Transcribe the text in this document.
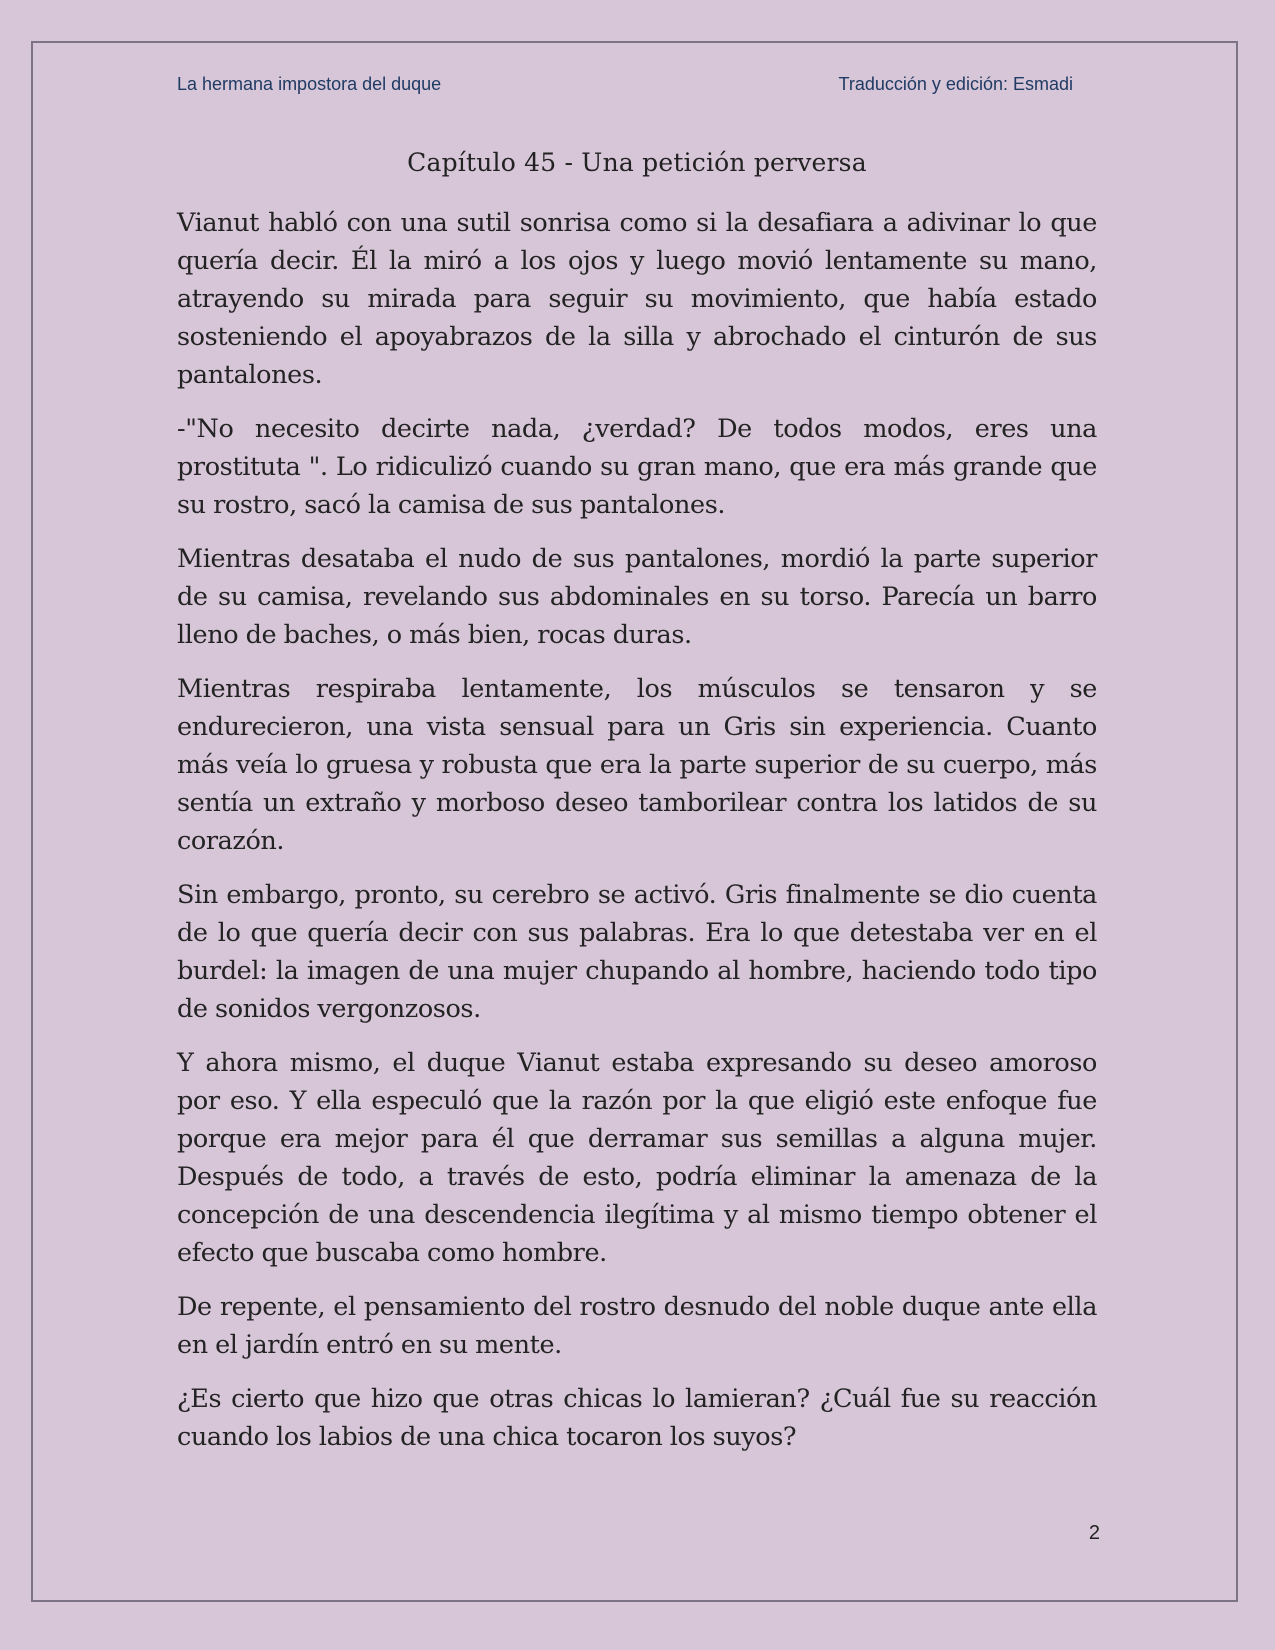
La hermana impostora del duque	Traducción y edición: Esmadi
Capítulo 45 - Una petición perversa

Vianut habló con una sutil sonrisa como si la desafiara a adivinar lo que quería decir. Él la miró a los ojos y luego movió lentamente su mano, atrayendo su mirada para seguir su movimiento, que había estado sosteniendo el apoyabrazos de la silla y abrochado el cinturón de sus pantalones.

-"No necesito decirte nada, ¿verdad? De todos modos, eres una prostituta ". Lo ridiculizó cuando su gran mano, que era más grande que su rostro, sacó la camisa de sus pantalones.

Mientras desataba el nudo de sus pantalones, mordió la parte superior de su camisa, revelando sus abdominales en su torso. Parecía un barro lleno de baches, o más bien, rocas duras.

Mientras respiraba lentamente, los músculos se tensaron y se endurecieron, una vista sensual para un Gris sin experiencia. Cuanto más veía lo gruesa y robusta que era la parte superior de su cuerpo, más sentía un extraño y morboso deseo tamborilear contra los latidos de su corazón.

Sin embargo, pronto, su cerebro se activó. Gris finalmente se dio cuenta de lo que quería decir con sus palabras. Era lo que detestaba ver en el burdel: la imagen de una mujer chupando al hombre, haciendo todo tipo de sonidos vergonzosos.

Y ahora mismo, el duque Vianut estaba expresando su deseo amoroso por eso. Y ella especuló que la razón por la que eligió este enfoque fue porque era mejor para él que derramar sus semillas a alguna mujer. Después de todo, a través de esto, podría eliminar la amenaza de la concepción de una descendencia ilegítima y al mismo tiempo obtener el efecto que buscaba como hombre.

De repente, el pensamiento del rostro desnudo del noble duque ante ella en el jardín entró en su mente.

¿Es cierto que hizo que otras chicas lo lamieran? ¿Cuál fue su reacción cuando los labios de una chica tocaron los suyos?

2
